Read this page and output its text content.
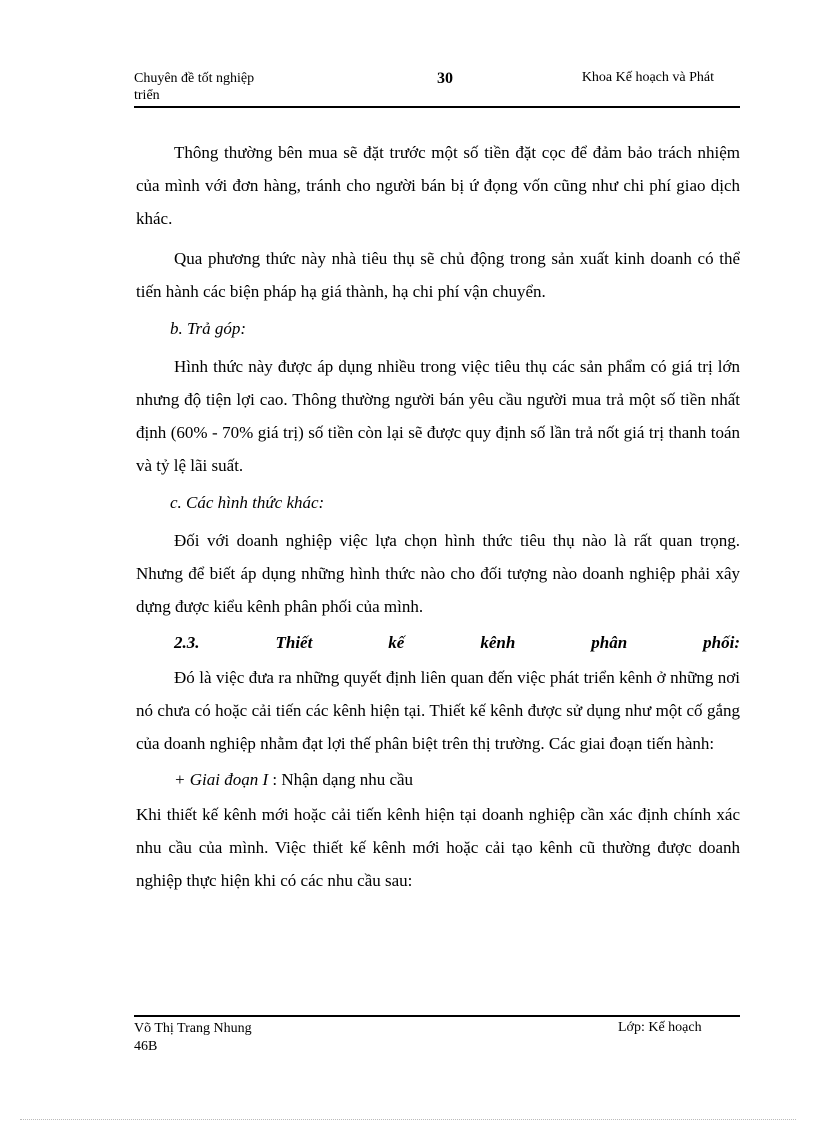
Chuyên đề tốt nghiệp
triển
30	Khoa Kế hoạch và Phát

Thông thường bên mua sẽ đặt trước một số tiền đặt cọc để đảm bảo trách nhiệm của mình với đơn hàng, tránh cho người bán bị ứ đọng vốn cũng như chi phí giao dịch khác.

Qua phương thức này nhà tiêu thụ sẽ chủ động trong sản xuất kinh doanh có thể tiến hành các biện pháp hạ giá thành, hạ chi phí vận chuyển.

b. Trả góp:

Hình thức này được áp dụng nhiều trong việc tiêu thụ các sản phẩm có giá trị lớn nhưng độ tiện lợi cao. Thông thường người bán yêu cầu người mua trả một số tiền nhất định (60% - 70% giá trị) số tiền còn lại sẽ được quy định số lần trả nốt giá trị thanh toán và tỷ lệ lãi suất.

c. Các hình thức khác:

Đối với doanh nghiệp việc lựa chọn hình thức tiêu thụ nào là rất quan trọng. Nhưng để biết áp dụng những hình thức nào cho đối tượng nào doanh nghiệp phải xây dựng được kiểu kênh phân phối của mình.

2.3. Thiết kế kênh phân phối:

Đó là việc đưa ra những quyết định liên quan đến việc phát triển kênh ở những nơi nó chưa có hoặc cải tiến các kênh hiện tại. Thiết kế kênh được sử dụng như một cố gắng của doanh nghiệp nhằm đạt lợi thế phân biệt trên thị trường. Các giai đoạn tiến hành:

+ Giai đoạn I : Nhận dạng nhu cầu

Khi thiết kế kênh mới hoặc cải tiến kênh hiện tại doanh nghiệp cần xác định chính xác nhu cầu của mình. Việc thiết kế kênh mới hoặc cải tạo kênh cũ thường được doanh nghiệp thực hiện khi có các nhu cầu sau:

Võ Thị Trang Nhung
46B
Lớp: Kế hoạch
